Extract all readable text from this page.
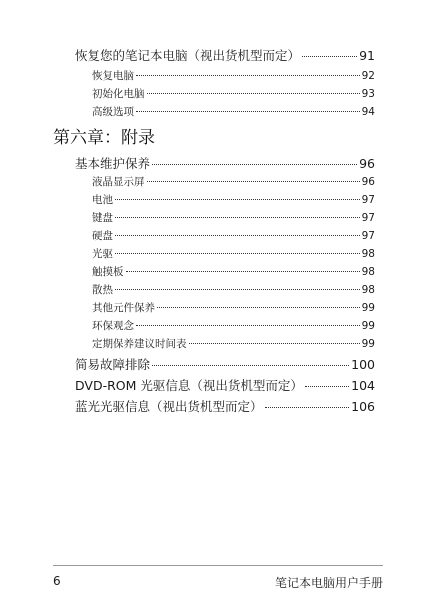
恢复您的笔记本电脑（视出货机型而定）	91
恢复电脑	92
初始化电脑	93
高级选项	94
第六章：附录
基本维护保养	96
液晶显示屏	96
电池	97
键盘	97
硬盘	97
光驱	98
触摸板	98
散热	98
其他元件保养	99
环保观念	99
定期保养建议时间表	99
简易故障排除	100
DVD-ROM 光驱信息（视出货机型而定）	104
蓝光光驱信息（视出货机型而定）	106
6	笔记本电脑用户手册
